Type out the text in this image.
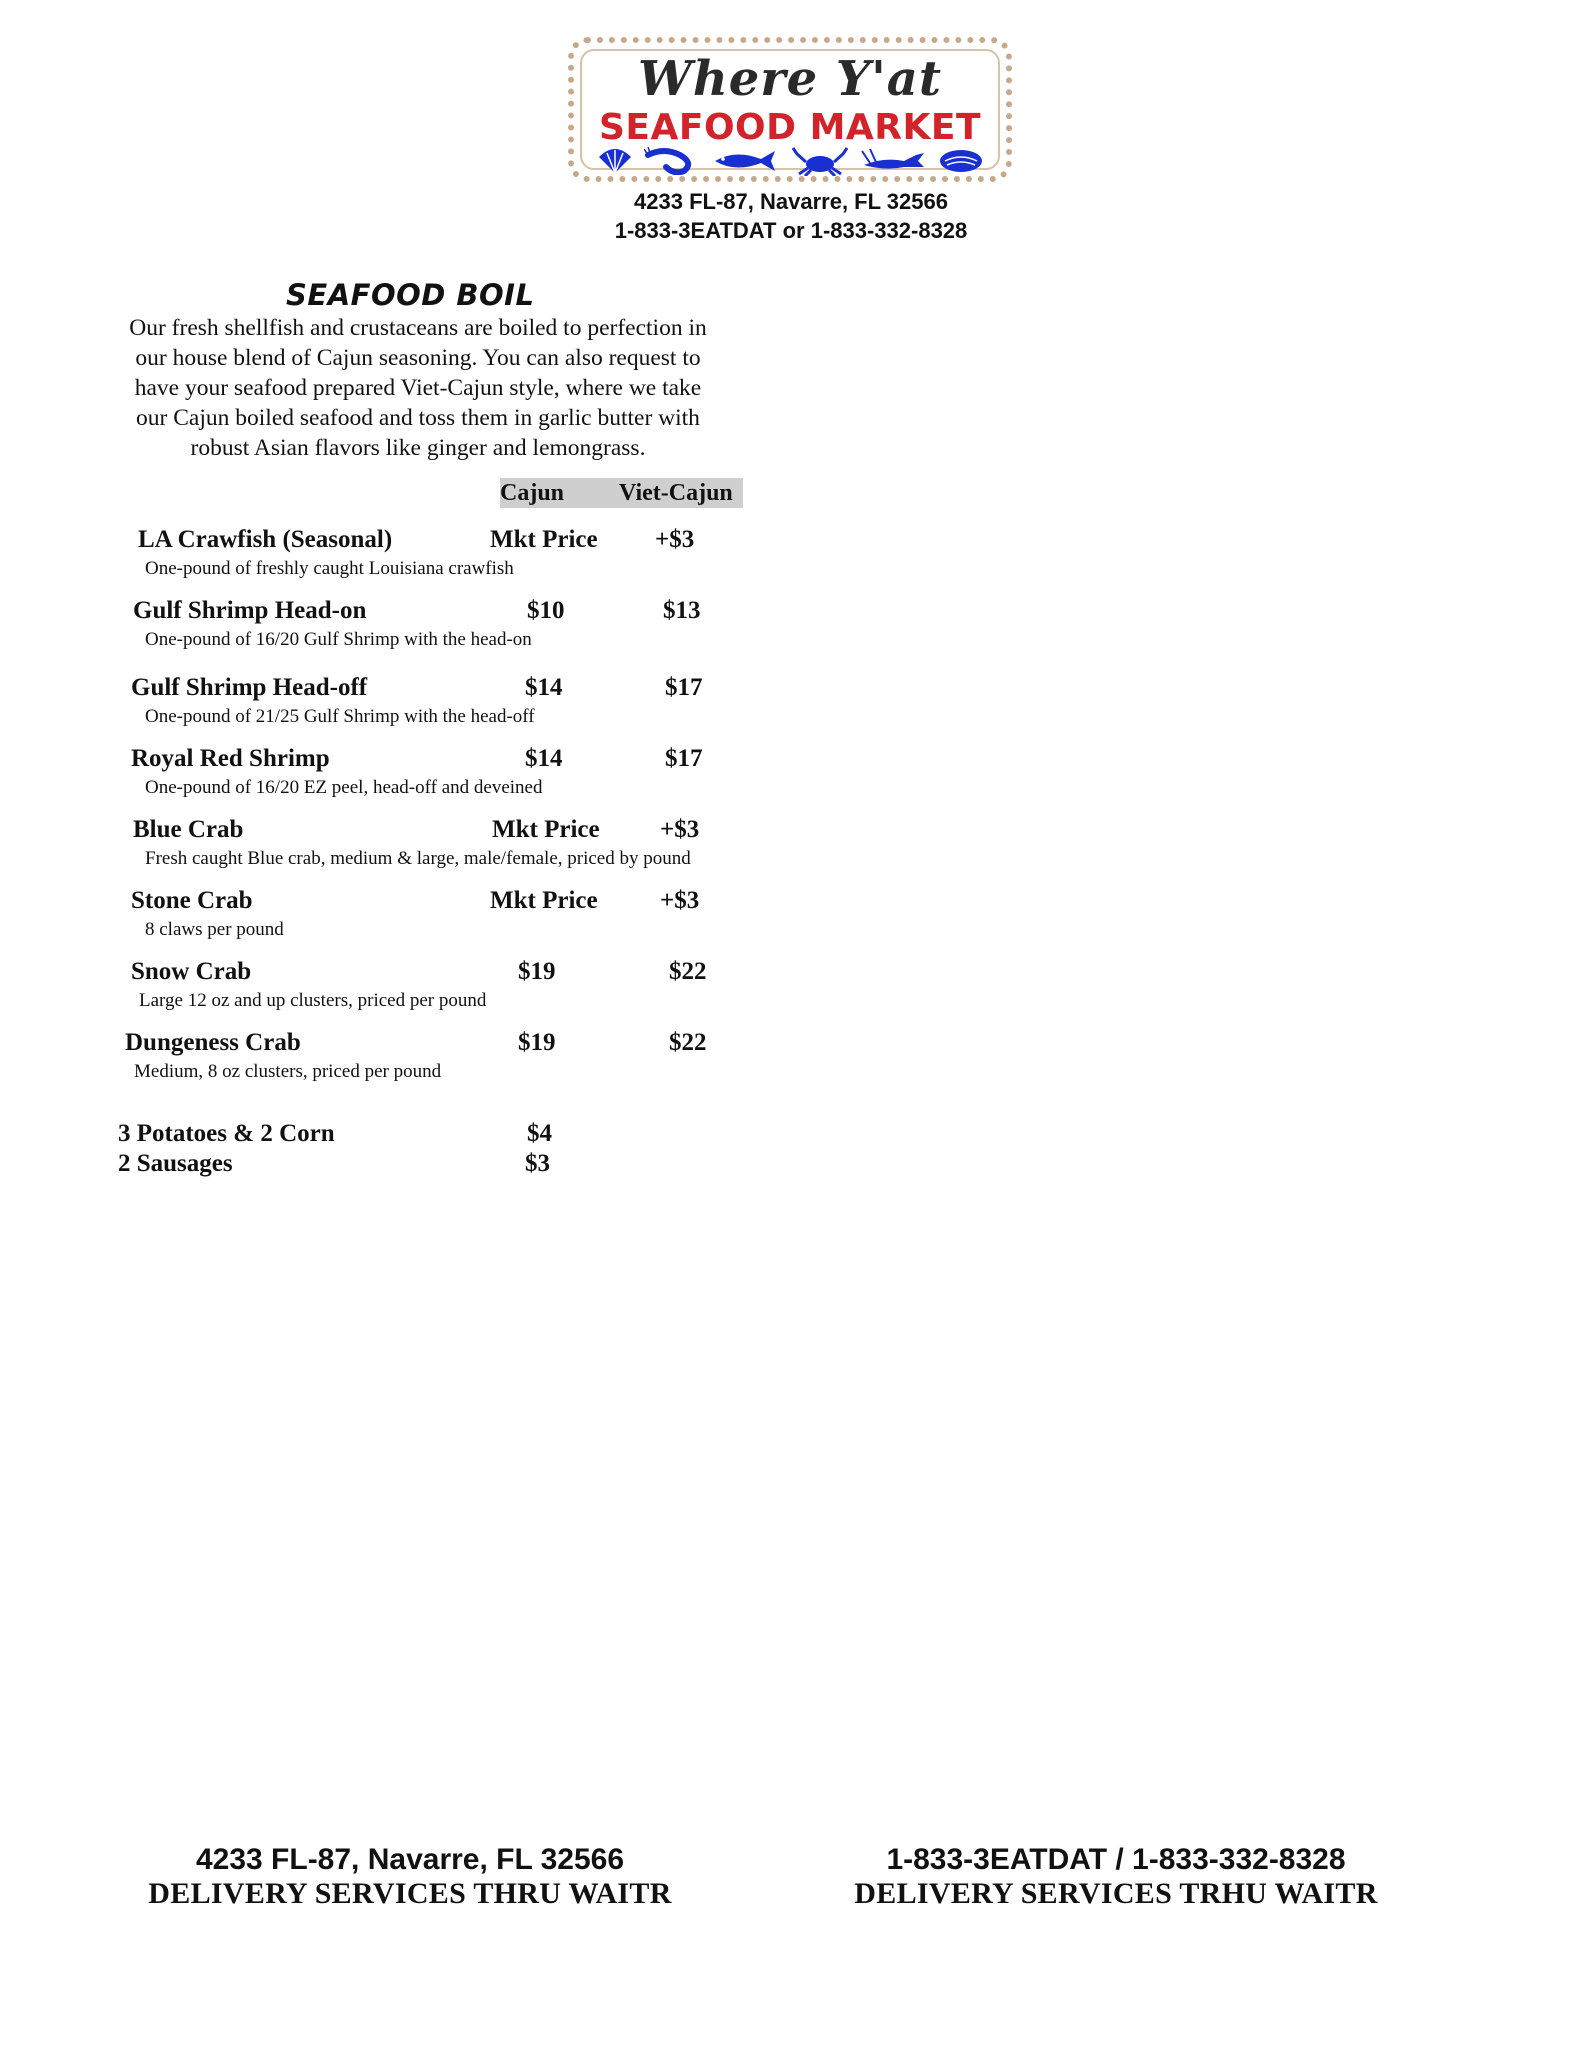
Where Y'at
SEAFOOD MARKET
4233 FL-87, Navarre, FL 32566
1-833-3EATDAT or 1-833-332-8328
SEAFOOD BOIL
Our fresh shellfish and crustaceans are boiled to perfection in
our house blend of Cajun seasoning. You can also request to
have your seafood prepared Viet-Cajun style, where we take
our Cajun boiled seafood and toss them in garlic butter with
robust Asian flavors like ginger and lemongrass.
Cajun	Viet-Cajun
LA Crawfish (Seasonal)	Mkt Price +$3
One-pound of freshly caught Louisiana crawfish
Gulf Shrimp Head-on	$10	$13
One-pound of 16/20 Gulf Shrimp with the head-on
Gulf Shrimp Head-off	$14	$17
One-pound of 21/25 Gulf Shrimp with the head-off
Royal Red Shrimp	$14	$17
One-pound of 16/20 EZ peel, head-off and deveined
Blue Crab	Mkt Price +$3
Fresh caught Blue crab, medium & large, male/female, priced by pound
Stone Crab	Mkt Price +$3
8 claws per pound
Snow Crab	$19	$22
Large 12 oz and up clusters, priced per pound
Dungeness Crab	$19	$22
Medium, 8 oz clusters, priced per pound
3 Potatoes & 2 Corn	$4
2 Sausages	$3
4233 FL-87, Navarre, FL 32566
DELIVERY SERVICES THRU WAITR
1-833-3EATDAT / 1-833-332-8328
DELIVERY SERVICES TRHU WAITR
